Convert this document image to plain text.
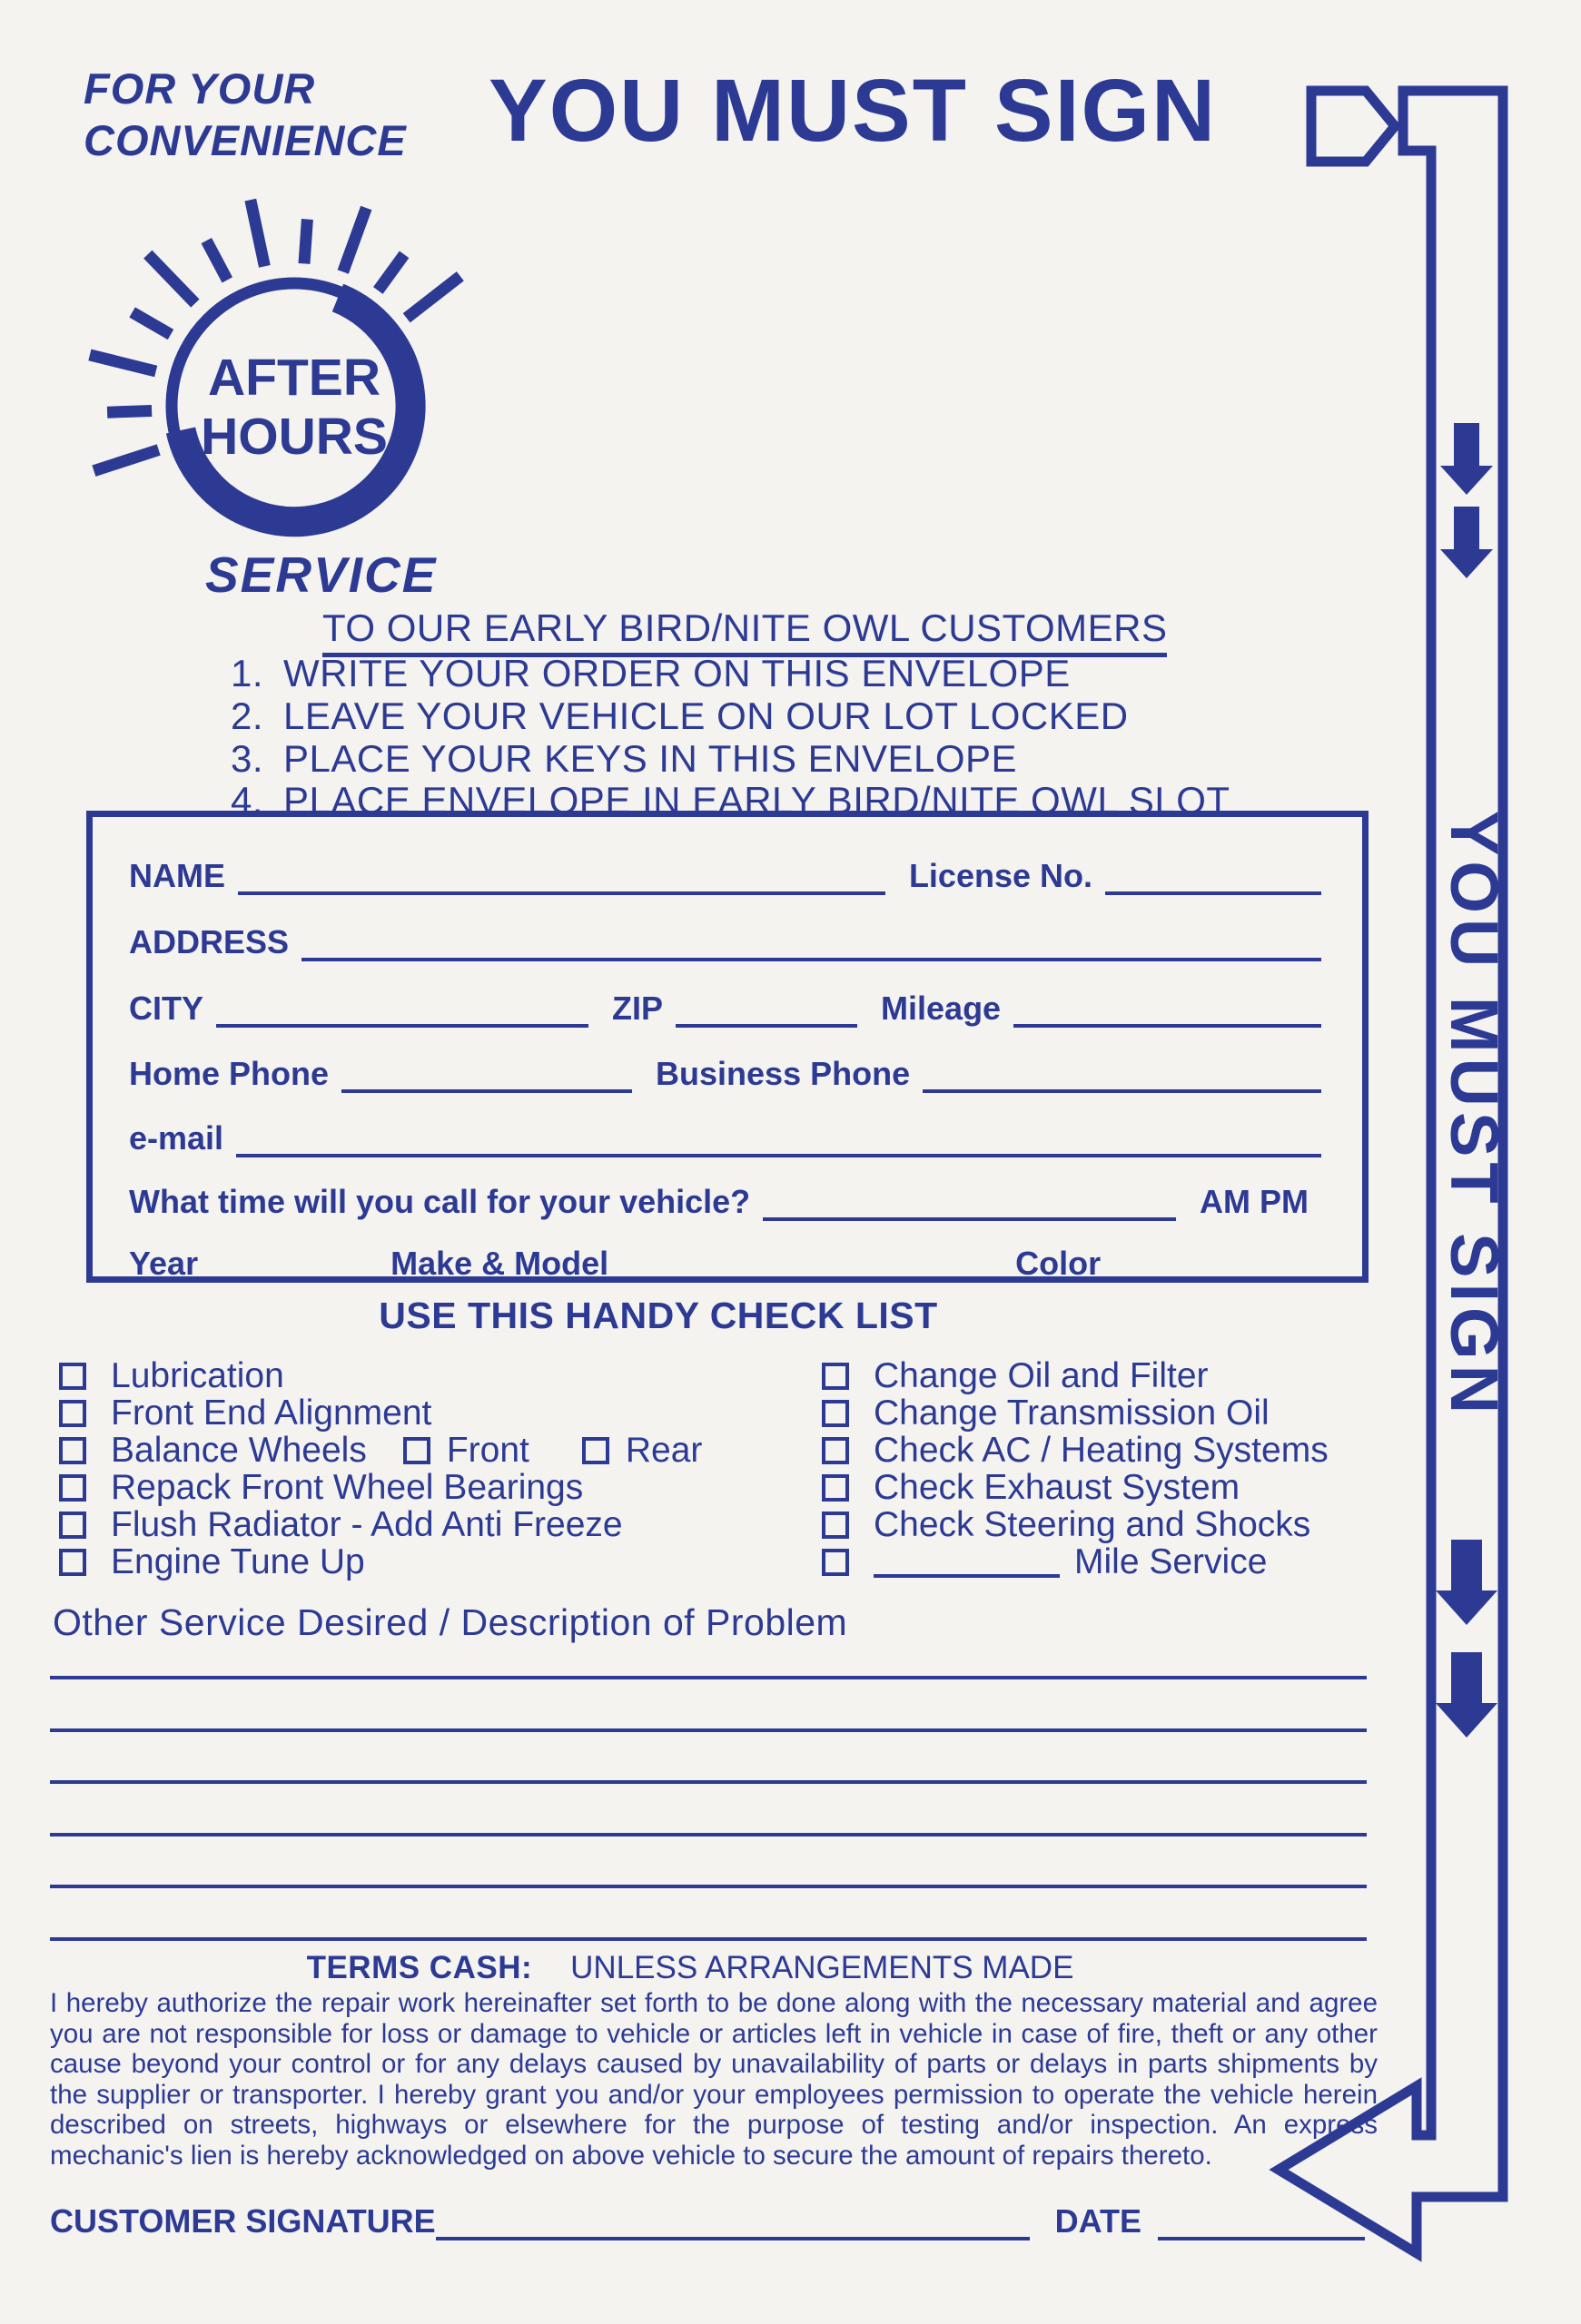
FOR YOUR
CONVENIENCE YOU MUST SIGN
AFTER
HOURS
SERVICE
TO OUR EARLY BIRD/NITE OWL CUSTOMERS
1. WRITE YOUR ORDER ON THIS ENVELOPE
2. LEAVE YOUR VEHICLE ON OUR LOT LOCKED
3. PLACE YOUR KEYS IN THIS ENVELOPE
4. PLACE ENVELOPE IN EARLY BIRD/NITE OWL SLOT
NAME	License No.
ADDRESS
CITY	ZIP	Mileage
Home Phone	Business Phone
e-mail
What time will you call for your vehicle?	AM PM
Year	Make & Model	Color
USE THIS HANDY CHECK LIST
Lubrication
Front End Alignment
Balance Wheels Front	Rear
Repack Front Wheel Bearings
Flush Radiator - Add Anti Freeze
Engine Tune Up
Change Oil and Filter
Change Transmission Oil
Check AC / Heating Systems
Check Exhaust System
Check Steering and Shocks
Mile Service
Other Service Desired / Description of Problem
TERMS CASH: UNLESS ARRANGEMENTS MADE
I hereby authorize the repair work hereinafter set forth to be done along with the necessary material and agree you are not responsible for loss or damage to vehicle or articles left in vehicle in case of fire, theft or any other cause beyond your control or for any delays caused by unavailability of parts or delays in parts shipments by the supplier or transporter. I hereby grant you and/or your employees permission to operate the vehicle herein described on streets, highways or elsewhere for the purpose of testing and/or inspection. An express mechanic's lien is hereby acknowledged on above vehicle to secure the amount of repairs thereto.
CUSTOMER SIGNATURE	DATE
YOU MUST SIGN
